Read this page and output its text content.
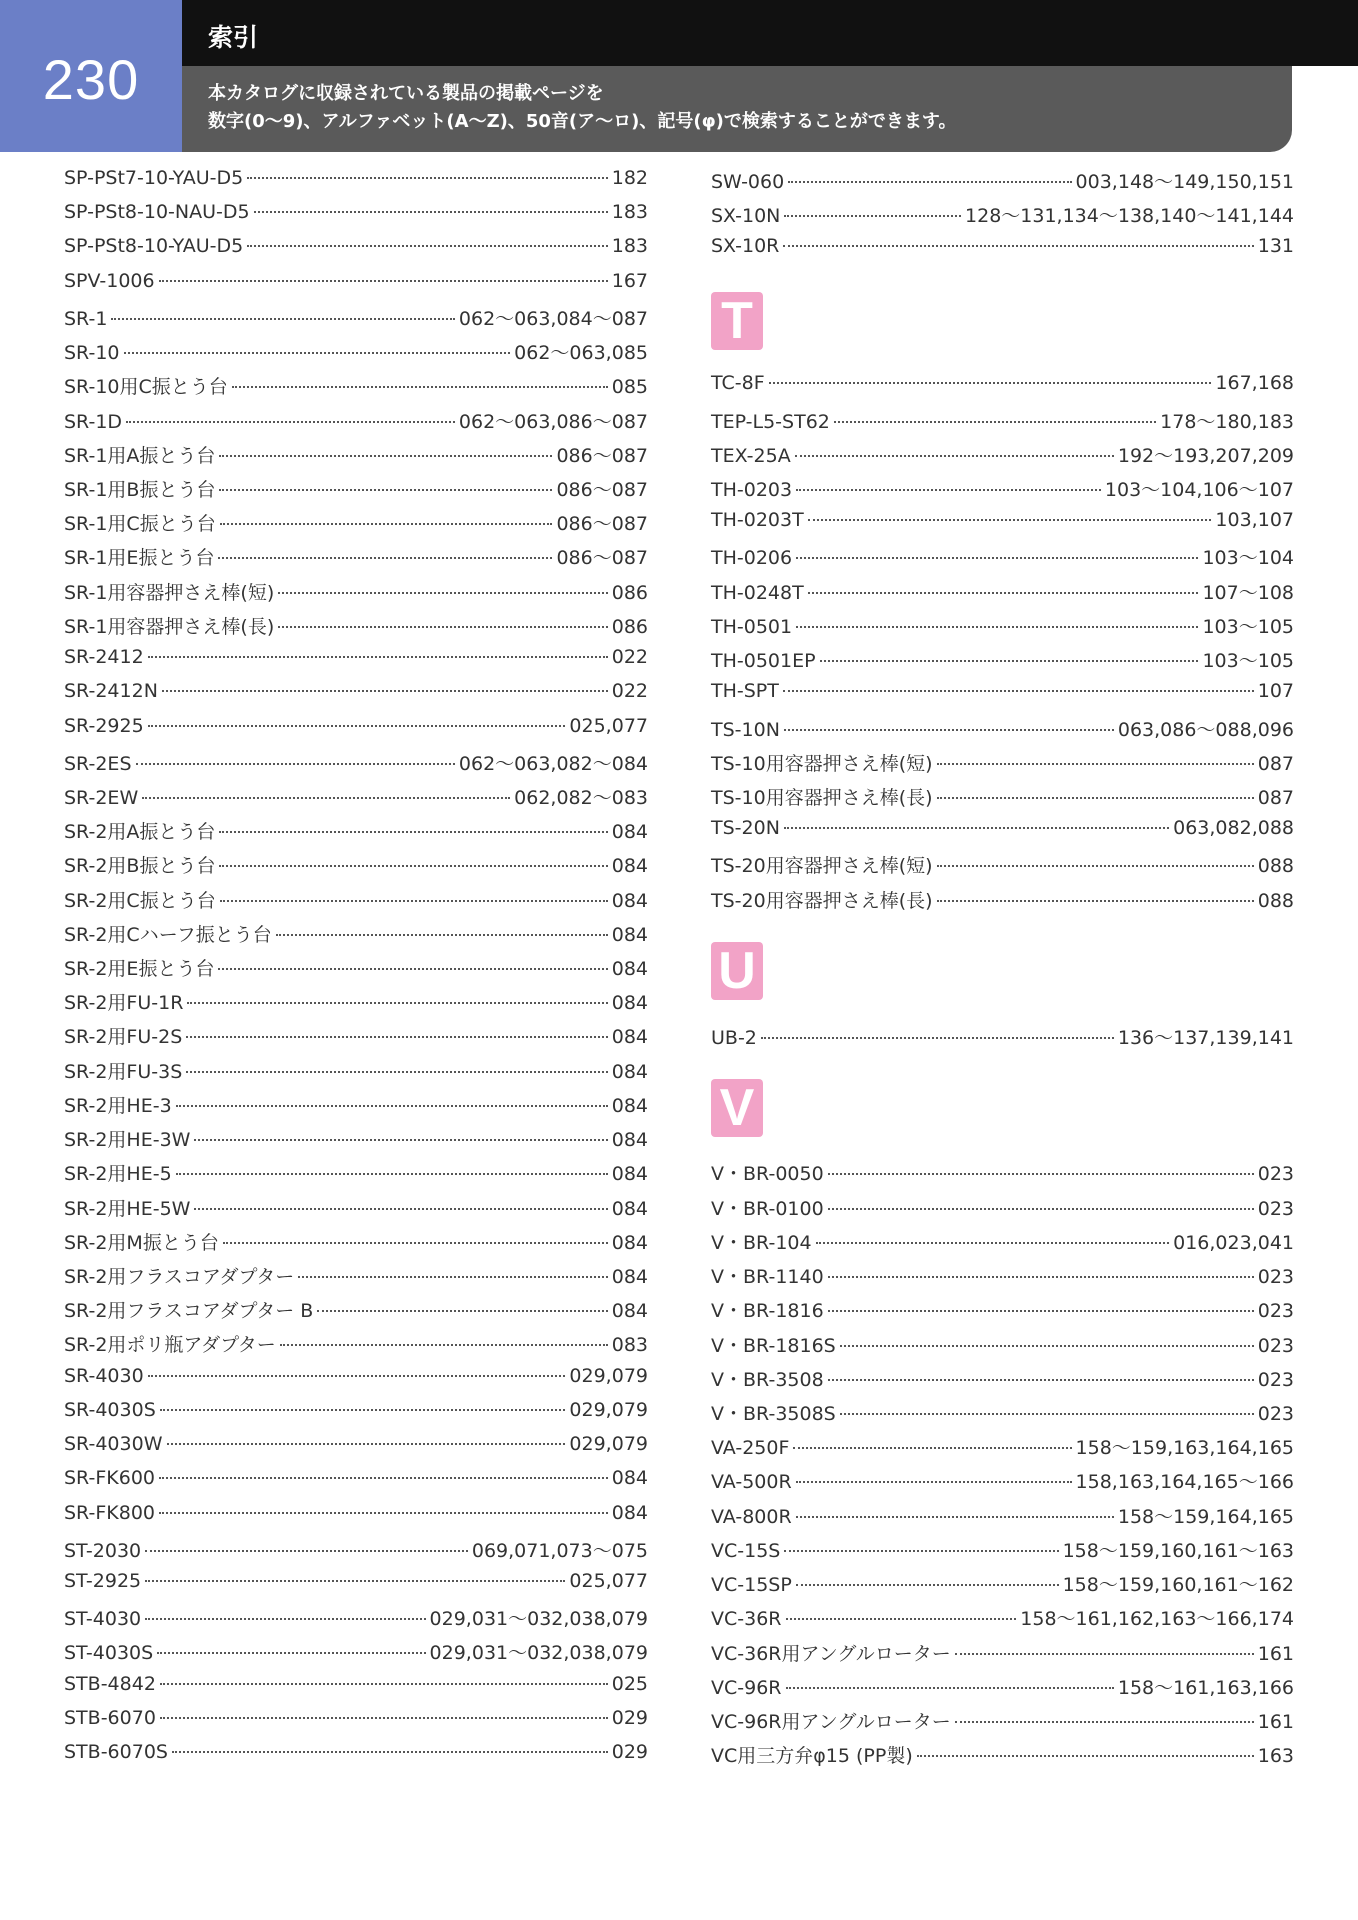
230
索引
本カタログに収録されている製品の掲載ページを
数字(0〜9)、アルファベット(A〜Z)、50音(ア〜ロ)、記号(φ)で検索することができます。
SP-PSt7-10-YAU-D5	182
SP-PSt8-10-NAU-D5	183
SP-PSt8-10-YAU-D5	183
SPV-1006	167
SR-1	062〜063,084〜087
SR-10	062〜063,085
SR-10用C振とう台	085
SR-1D	062〜063,086〜087
SR-1用A振とう台	086〜087
SR-1用B振とう台	086〜087
SR-1用C振とう台	086〜087
SR-1用E振とう台	086〜087
SR-1用容器押さえ棒(短)	086
SR-1用容器押さえ棒(長)	086
SR-2412	022
SR-2412N	022
SR-2925	025,077
SR-2ES	062〜063,082〜084
SR-2EW	062,082〜083
SR-2用A振とう台	084
SR-2用B振とう台	084
SR-2用C振とう台	084
SR-2用Cハーフ振とう台	084
SR-2用E振とう台	084
SR-2用FU-1R	084
SR-2用FU-2S	084
SR-2用FU-3S	084
SR-2用HE-3	084
SR-2用HE-3W	084
SR-2用HE-5	084
SR-2用HE-5W	084
SR-2用M振とう台	084
SR-2用フラスコアダプター	084
SR-2用フラスコアダプター B	084
SR-2用ポリ瓶アダプター	083
SR-4030	029,079
SR-4030S	029,079
SR-4030W	029,079
SR-FK600	084
SR-FK800	084
ST-2030	069,071,073〜075
ST-2925	025,077
ST-4030	029,031〜032,038,079
ST-4030S	029,031〜032,038,079
STB-4842	025
STB-6070	029
STB-6070S	029
SW-060	003,148〜149,150,151
SX-10N	128〜131,134〜138,140〜141,144
SX-10R	131
T
TC-8F	167,168
TEP-L5-ST62	178〜180,183
TEX-25A	192〜193,207,209
TH-0203	103〜104,106〜107
TH-0203T	103,107
TH-0206	103〜104
TH-0248T	107〜108
TH-0501	103〜105
TH-0501EP	103〜105
TH-SPT	107
TS-10N	063,086〜088,096
TS-10用容器押さえ棒(短)	087
TS-10用容器押さえ棒(長)	087
TS-20N	063,082,088
TS-20用容器押さえ棒(短)	088
TS-20用容器押さえ棒(長)	088
U
UB-2	136〜137,139,141
V
V・BR-0050	023
V・BR-0100	023
V・BR-104	016,023,041
V・BR-1140	023
V・BR-1816	023
V・BR-1816S	023
V・BR-3508	023
V・BR-3508S	023
VA-250F	158〜159,163,164,165
VA-500R	158,163,164,165〜166
VA-800R	158〜159,164,165
VC-15S	158〜159,160,161〜163
VC-15SP	158〜159,160,161〜162
VC-36R	158〜161,162,163〜166,174
VC-36R用アングルローター	161
VC-96R	158〜161,163,166
VC-96R用アングルローター	161
VC用三方弁φ15 (PP製)	163
